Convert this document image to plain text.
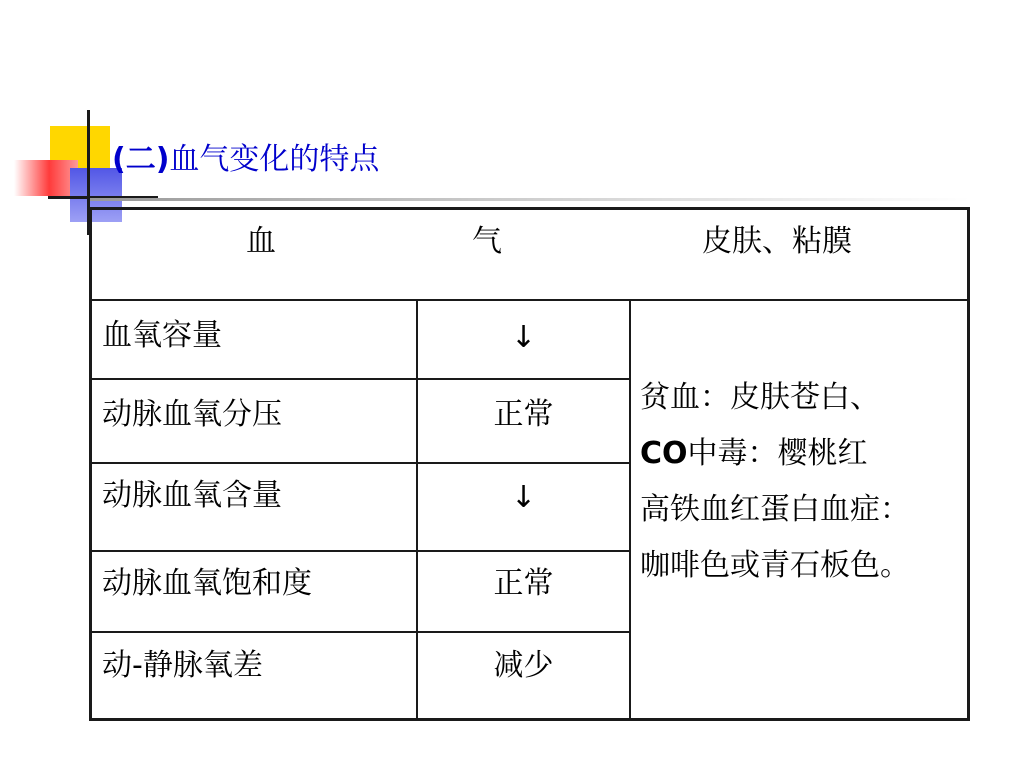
(二)血气变化的特点
血	气	皮肤、粘膜
血氧容量	↓
动脉血氧分压	正常
动脉血氧含量	↓
动脉血氧饱和度	正常
动-静脉氧差	减少
贫血：皮肤苍白、
CO中毒：樱桃红
高铁血红蛋白血症：
咖啡色或青石板色。
